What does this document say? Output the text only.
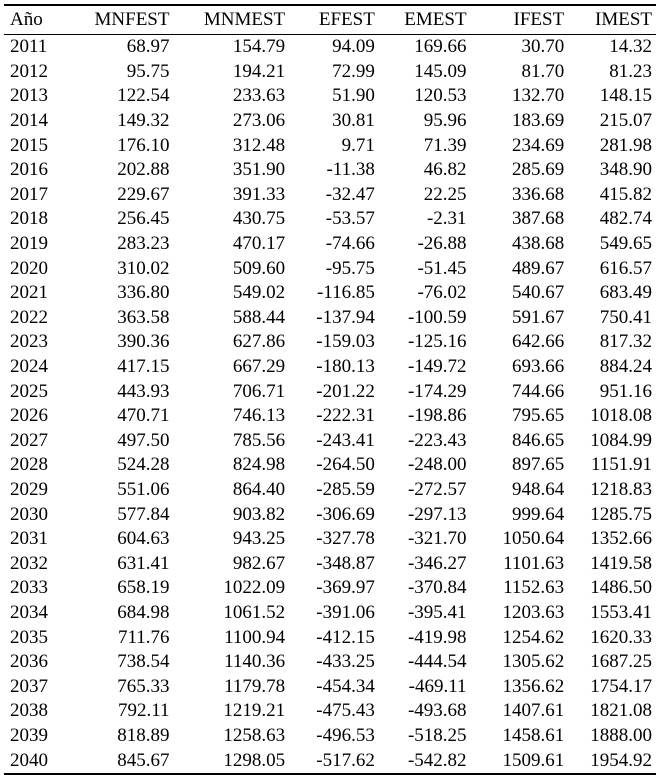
Año	MNFEST	MNMEST	EFEST	EMEST	IFEST	IMEST
2011	68.97	154.79	94.09	169.66	30.70	14.32
2012	95.75	194.21	72.99	145.09	81.70	81.23
2013	122.54	233.63	51.90	120.53	132.70	148.15
2014	149.32	273.06	30.81	95.96	183.69	215.07
2015	176.10	312.48	9.71	71.39	234.69	281.98
2016	202.88	351.90	-11.38	46.82	285.69	348.90
2017	229.67	391.33	-32.47	22.25	336.68	415.82
2018	256.45	430.75	-53.57	-2.31	387.68	482.74
2019	283.23	470.17	-74.66	-26.88	438.68	549.65
2020	310.02	509.60	-95.75	-51.45	489.67	616.57
2021	336.80	549.02	-116.85	-76.02	540.67	683.49
2022	363.58	588.44	-137.94	-100.59	591.67	750.41
2023	390.36	627.86	-159.03	-125.16	642.66	817.32
2024	417.15	667.29	-180.13	-149.72	693.66	884.24
2025	443.93	706.71	-201.22	-174.29	744.66	951.16
2026	470.71	746.13	-222.31	-198.86	795.65	1018.08
2027	497.50	785.56	-243.41	-223.43	846.65	1084.99
2028	524.28	824.98	-264.50	-248.00	897.65	1151.91
2029	551.06	864.40	-285.59	-272.57	948.64	1218.83
2030	577.84	903.82	-306.69	-297.13	999.64	1285.75
2031	604.63	943.25	-327.78	-321.70	1050.64	1352.66
2032	631.41	982.67	-348.87	-346.27	1101.63	1419.58
2033	658.19	1022.09	-369.97	-370.84	1152.63	1486.50
2034	684.98	1061.52	-391.06	-395.41	1203.63	1553.41
2035	711.76	1100.94	-412.15	-419.98	1254.62	1620.33
2036	738.54	1140.36	-433.25	-444.54	1305.62	1687.25
2037	765.33	1179.78	-454.34	-469.11	1356.62	1754.17
2038	792.11	1219.21	-475.43	-493.68	1407.61	1821.08
2039	818.89	1258.63	-496.53	-518.25	1458.61	1888.00
2040	845.67	1298.05	-517.62	-542.82	1509.61	1954.92
